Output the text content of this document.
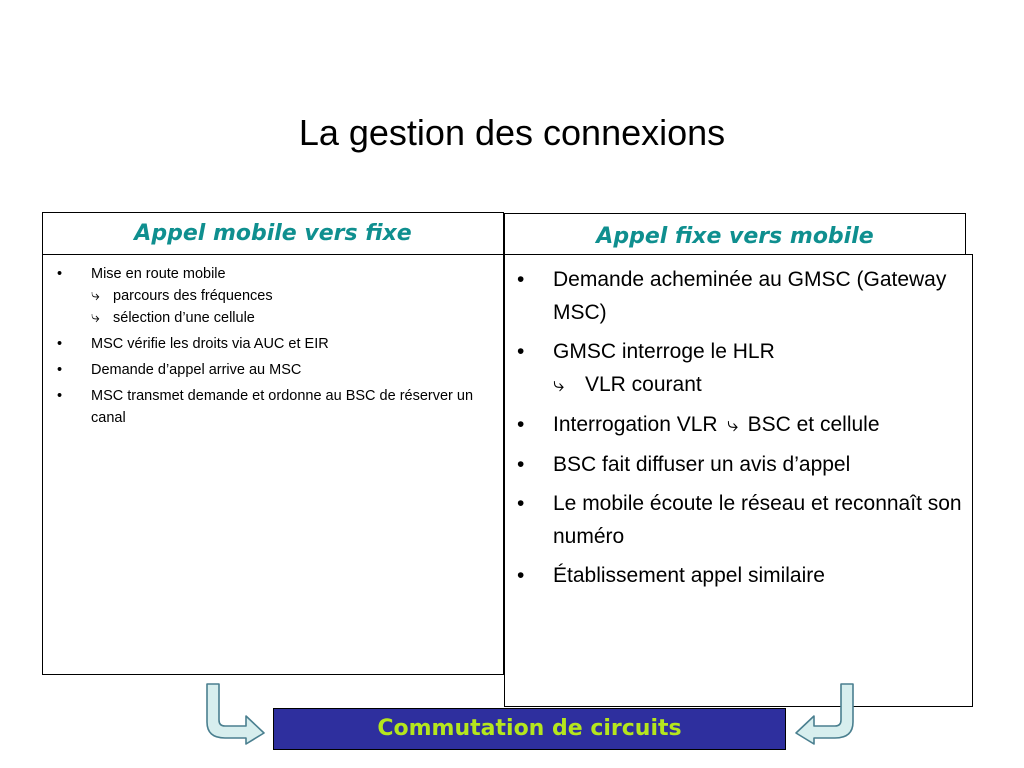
La gestion des connexions
Appel mobile vers fixe	Appel fixe vers mobile
• Mise en route mobile
⤷ parcours des fréquences
⤷ sélection d’une cellule
• MSC vérifie les droits via AUC et EIR
• Demande d’appel arrive au MSC
• MSC transmet demande et ordonne au BSC de réserver un canal
• Demande acheminée au GMSC (Gateway MSC)
• GMSC interroge le HLR
⤷ VLR courant
• Interrogation VLR ⤷ BSC et cellule
• BSC fait diffuser un avis d’appel
• Le mobile écoute le réseau et reconnaît son numéro
• Établissement appel similaire
Commutation de circuits
